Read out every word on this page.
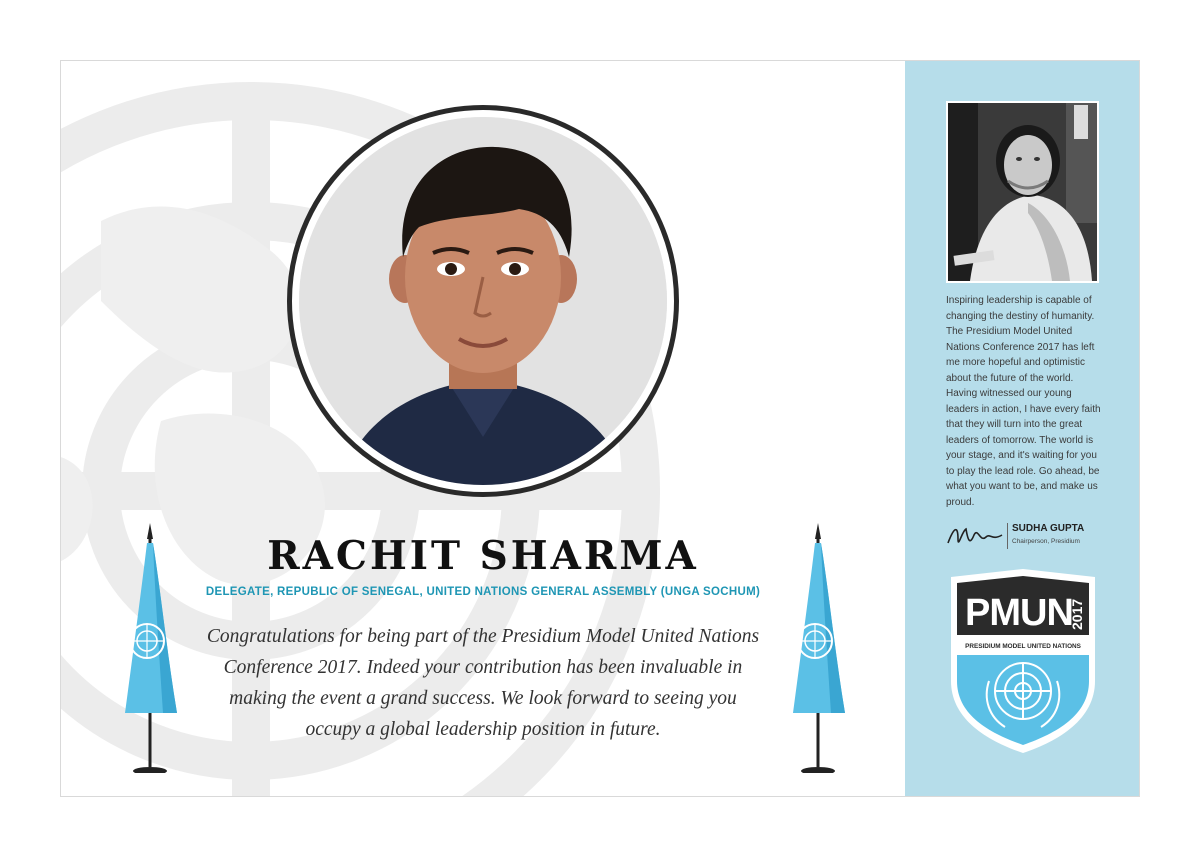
RACHIT SHARMA
DELEGATE, REPUBLIC OF SENEGAL, UNITED NATIONS GENERAL ASSEMBLY (UNGA SOCHUM)
Congratulations for being part of the Presidium Model United Nations Conference 2017. Indeed your contribution has been invaluable in making the event a grand success. We look forward to seeing you occupy a global leadership position in future.
Inspiring leadership is capable of changing the destiny of humanity. The Presidium Model United Nations Conference 2017 has left me more hopeful and optimistic about the future of the world. Having witnessed our young leaders in action, I have every faith that they will turn into the great leaders of tomorrow. The world is your stage, and it's waiting for you to play the lead role. Go ahead, be what you want to be, and make us proud.
SUDHA GUPTA
Chairperson, Presidium
PMUN
2017
PRESIDIUM MODEL UNITED NATIONS
